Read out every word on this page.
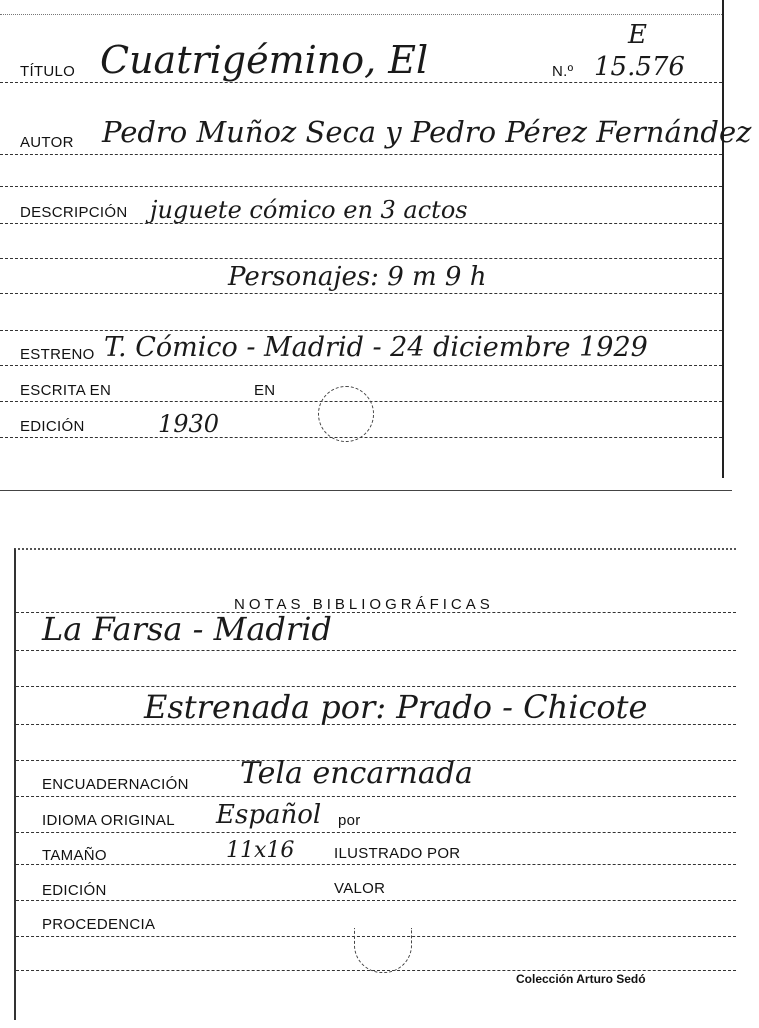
TÍTULO Cuatrigémino, El	N.º 15.576
E
AUTOR Pedro Muñoz Seca y Pedro Pérez Fernández
DESCRIPCIÓN juguete cómico en 3 actos
Personajes: 9 m 9 h
ESTRENO T. Cómico - Madrid - 24 diciembre 1929
ESCRITA EN	EN
EDICIÓN	1930
NOTAS BIBLIOGRÁFICAS
La Farsa - Madrid
Estrenada por: Prado - Chicote
ENCUADERNACIÓN Tela encarnada
IDIOMA ORIGINAL Español por
TAMAÑO	11x16	ILUSTRADO POR
EDICIÓN	VALOR
PROCEDENCIA
Colección Arturo Sedó
